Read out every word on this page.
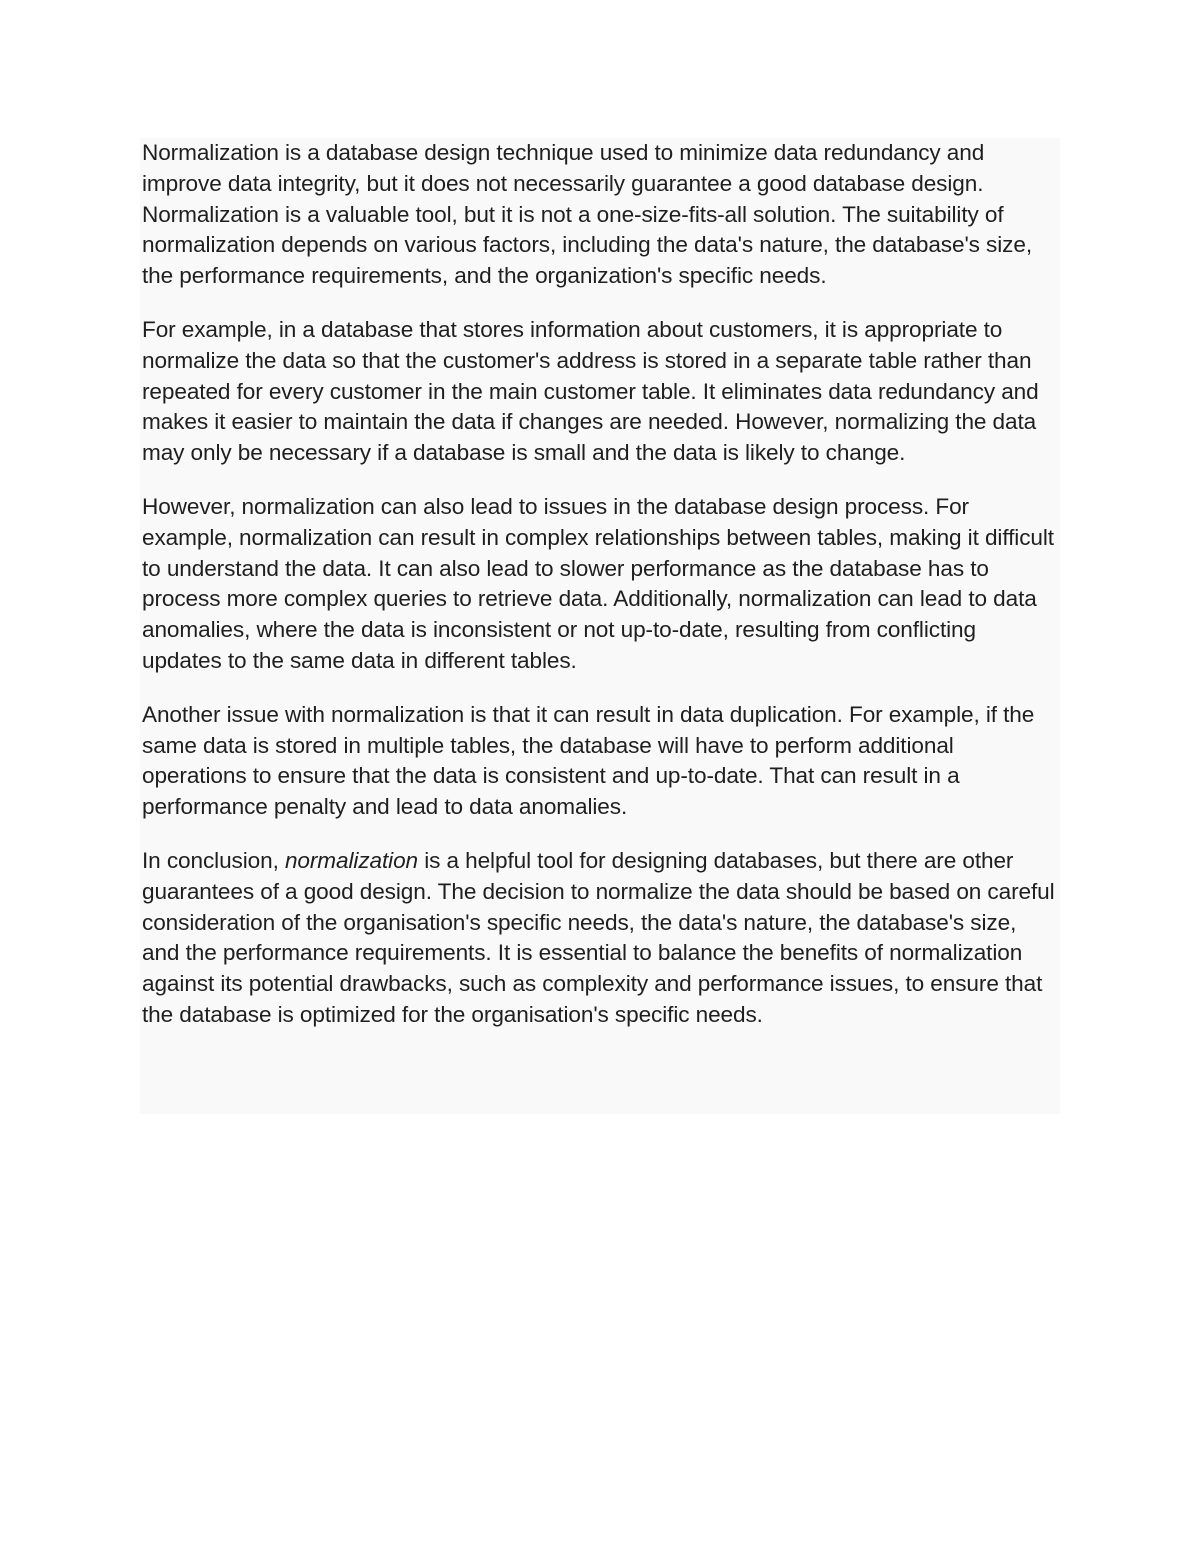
Normalization is a database design technique used to minimize data redundancy and improve data integrity, but it does not necessarily guarantee a good database design. Normalization is a valuable tool, but it is not a one-size-fits-all solution. The suitability of normalization depends on various factors, including the data's nature, the database's size, the performance requirements, and the organization's specific needs.

For example, in a database that stores information about customers, it is appropriate to normalize the data so that the customer's address is stored in a separate table rather than repeated for every customer in the main customer table. It eliminates data redundancy and makes it easier to maintain the data if changes are needed. However, normalizing the data may only be necessary if a database is small and the data is likely to change.

However, normalization can also lead to issues in the database design process. For example, normalization can result in complex relationships between tables, making it difficult to understand the data. It can also lead to slower performance as the database has to process more complex queries to retrieve data. Additionally, normalization can lead to data anomalies, where the data is inconsistent or not up-to-date, resulting from conflicting updates to the same data in different tables.

Another issue with normalization is that it can result in data duplication. For example, if the same data is stored in multiple tables, the database will have to perform additional operations to ensure that the data is consistent and up-to-date. That can result in a performance penalty and lead to data anomalies.

In conclusion, normalization is a helpful tool for designing databases, but there are other guarantees of a good design. The decision to normalize the data should be based on careful consideration of the organisation's specific needs, the data's nature, the database's size, and the performance requirements. It is essential to balance the benefits of normalization against its potential drawbacks, such as complexity and performance issues, to ensure that the database is optimized for the organisation's specific needs.
